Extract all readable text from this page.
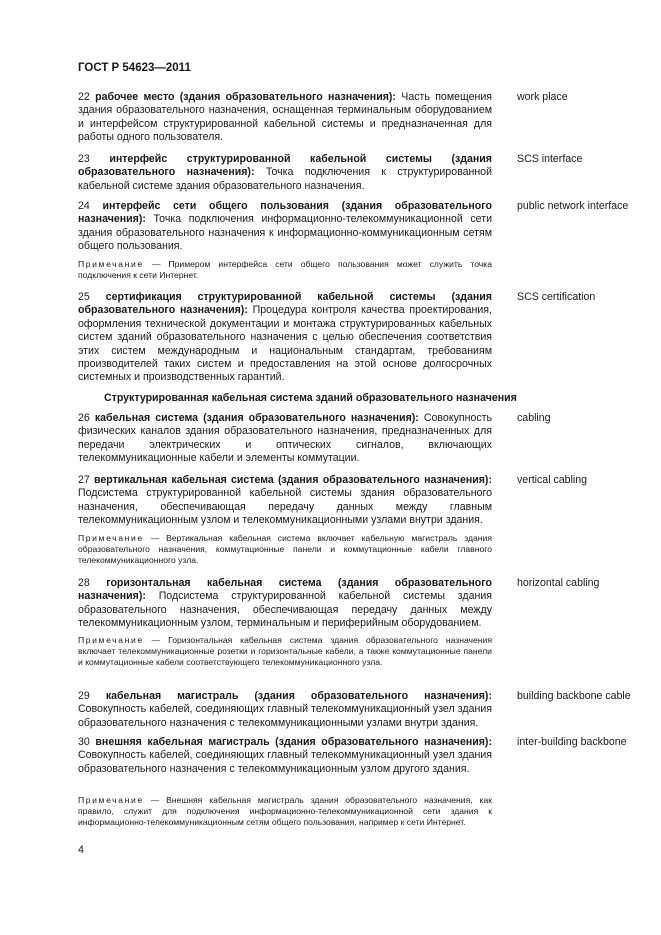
ГОСТ Р 54623—2011
22 рабочее место (здания образовательного назначения): Часть помещения здания образовательного назначения, оснащенная терминальным оборудованием и интерфейсом структурированной кабельной системы и предназначенная для работы одного пользователя.
work place
23 интерфейс структурированной кабельной системы (здания образовательного назначения): Точка подключения к структурированной кабельной системе здания образовательного назначения.
SCS interface
24 интерфейс сети общего пользования (здания образовательного назначения): Точка подключения информационно-телекоммуникационной сети здания образовательного назначения к информационно-коммуникационным сетям общего пользования.
public network interface
Примечание — Примером интерфейса сети общего пользования может служить точка подключения к сети Интернет.
25 сертификация структурированной кабельной системы (здания образовательного назначения): Процедура контроля качества проектирования, оформления технической документации и монтажа структурированных кабельных систем зданий образовательного назначения с целью обеспечения соответствия этих систем международным и национальным стандартам, требованиям производителей таких систем и предоставления на этой основе долгосрочных системных и производственных гарантий.
SCS certification
Структурированная кабельная система зданий образовательного назначения
26 кабельная система (здания образовательного назначения): Совокупность физических каналов здания образовательного назначения, предназначенных для передачи электрических и оптических сигналов, включающих телекоммуникационные кабели и элементы коммутации.
cabling
27 вертикальная кабельная система (здания образовательного назначения): Подсистема структурированной кабельной системы здания образовательного назначения, обеспечивающая передачу данных между главным телекоммуникационным узлом и телекоммуникационными узлами внутри здания.
vertical cabling
Примечание — Вертикальная кабельная система включает кабельную магистраль здания образовательного назначения, коммутационные панели и коммутационные кабели главного телекоммуникационного узла.
28 горизонтальная кабельная система (здания образовательного назначения): Подсистема структурированной кабельной системы здания образовательного назначения, обеспечивающая передачу данных между телекоммуникационным узлом, терминальным и периферийным оборудованием.
horizontal cabling
Примечание — Горизонтальная кабельная система здания образовательного назначения включает телекоммуникационные розетки и горизонтальные кабели, а также коммутационные панели и коммутационные кабели соответствующего телекоммуникационного узла.
29 кабельная магистраль (здания образовательного назначения): Совокупность кабелей, соединяющих главный телекоммуникационный узел здания образовательного назначения с телекоммуникационными узлами внутри здания.
building backbone cable
30 внешняя кабельная магистраль (здания образовательного назначения): Совокупность кабелей, соединяющих главный телекоммуникационный узел здания образовательного назначения с телекоммуникационным узлом другого здания.
inter-building backbone
Примечание — Внешняя кабельная магистраль здания образовательного назначения, как правило, служит для подключения информационно-телекоммуникационной сети здания к информационно-телекоммуникационным сетям общего пользования, например к сети Интернет.
4
